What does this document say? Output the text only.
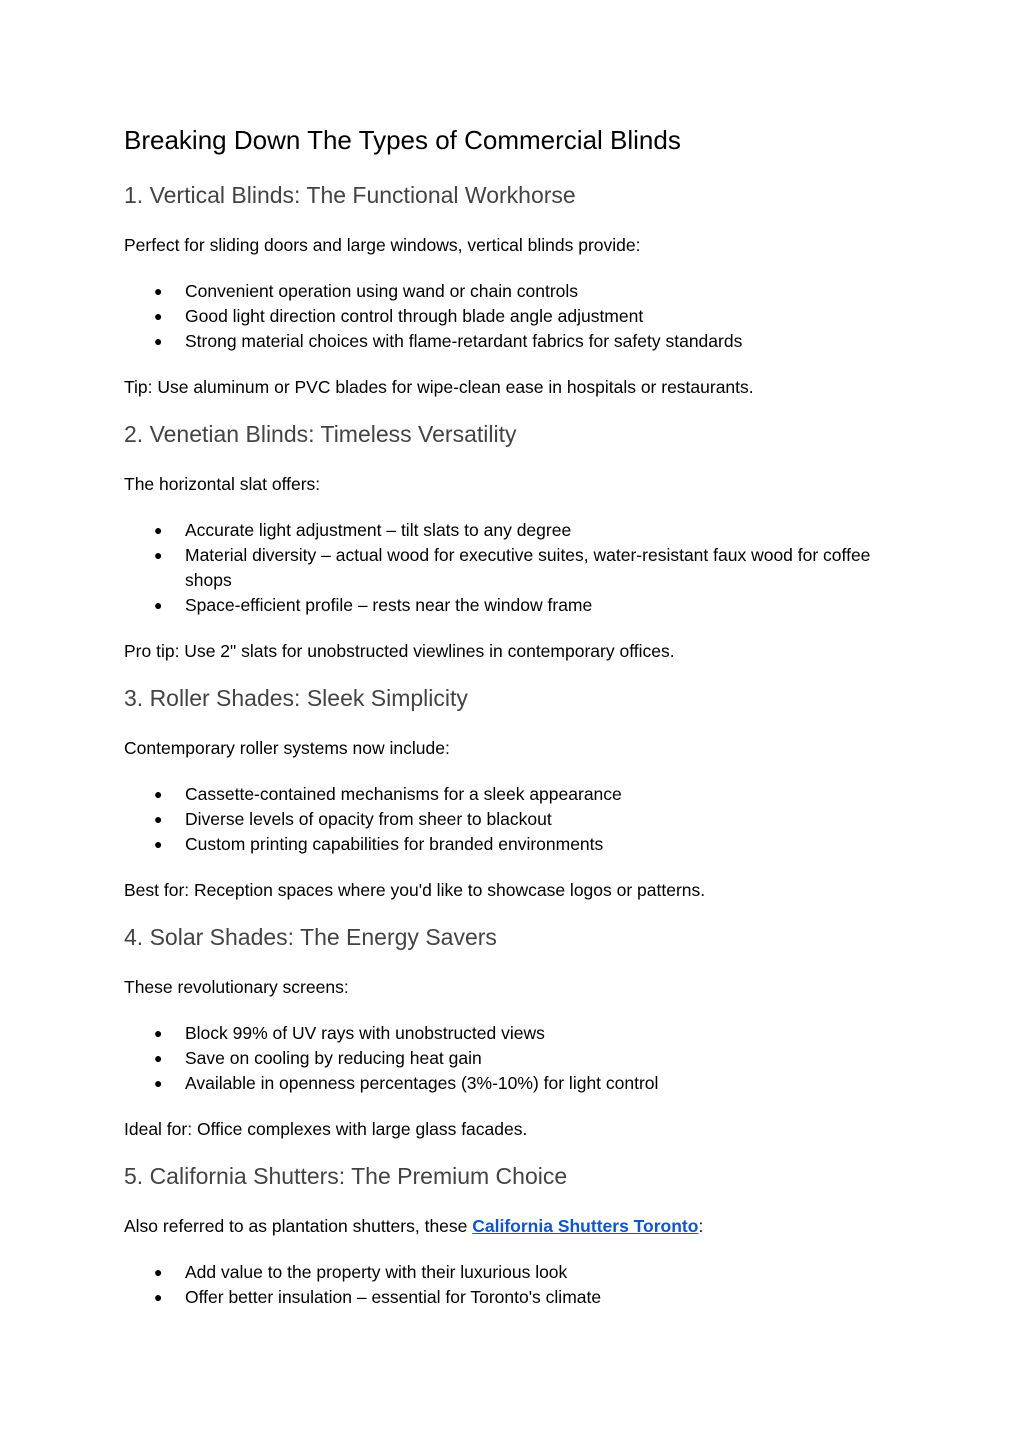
Breaking Down The Types of Commercial Blinds
1. Vertical Blinds: The Functional Workhorse

Perfect for sliding doors and large windows, vertical blinds provide:

● Convenient operation using wand or chain controls
● Good light direction control through blade angle adjustment
● Strong material choices with flame-retardant fabrics for safety standards

Tip: Use aluminum or PVC blades for wipe-clean ease in hospitals or restaurants.

2. Venetian Blinds: Timeless Versatility

The horizontal slat offers:

● Accurate light adjustment – tilt slats to any degree
● Material diversity – actual wood for executive suites, water-resistant faux wood for coffee shops
● Space-efficient profile – rests near the window frame

Pro tip: Use 2" slats for unobstructed viewlines in contemporary offices.

3. Roller Shades: Sleek Simplicity

Contemporary roller systems now include:

● Cassette-contained mechanisms for a sleek appearance
● Diverse levels of opacity from sheer to blackout
● Custom printing capabilities for branded environments

Best for: Reception spaces where you'd like to showcase logos or patterns.

4. Solar Shades: The Energy Savers

These revolutionary screens:

● Block 99% of UV rays with unobstructed views
● Save on cooling by reducing heat gain
● Available in openness percentages (3%-10%) for light control

Ideal for: Office complexes with large glass facades.

5. California Shutters: The Premium Choice

Also referred to as plantation shutters, these California Shutters Toronto:

● Add value to the property with their luxurious look
● Offer better insulation – essential for Toronto's climate
